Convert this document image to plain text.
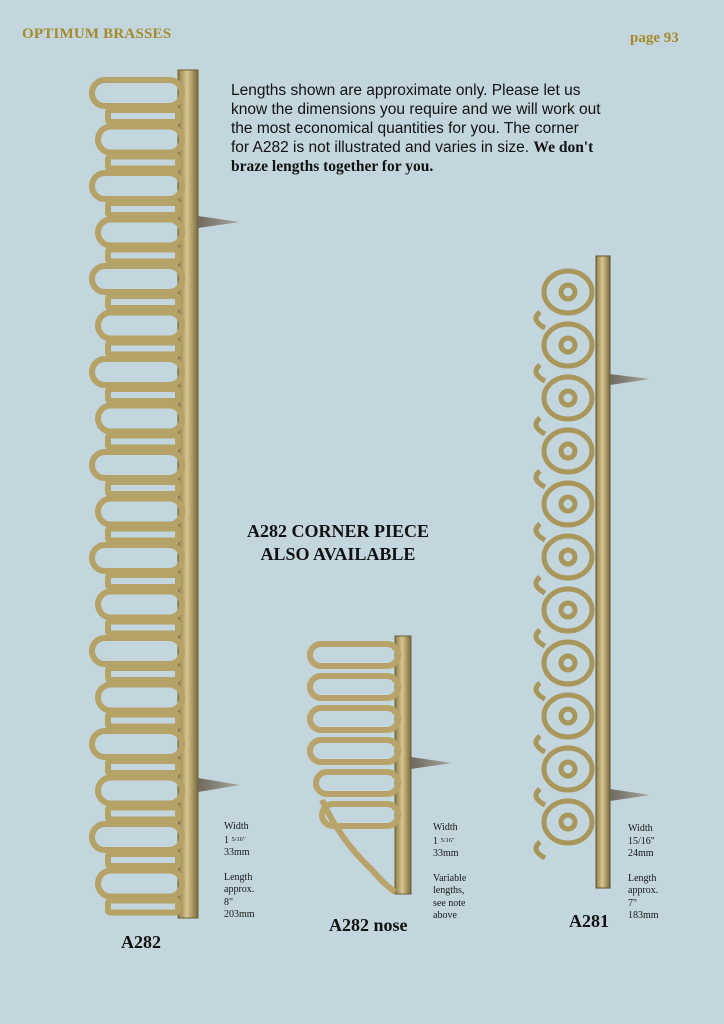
OPTIMUM BRASSES	page 93

Lengths shown are approximate only. Please let us know the dimensions you require and we will work out the most economical quantities for you. The corner for A282 is not illustrated and varies in size. We don't braze lengths together for you.

A282 CORNER PIECE
ALSO AVAILABLE
Width
1 $^{5/16"}$
33mm
Length
approx.
8"
203mm
A282
Width
1 $^{5/16"}$
33mm
Variable
lengths,
see note
above
A282 nose
Width
15/16"
24mm
Length
approx.
7"
183mm
A281
